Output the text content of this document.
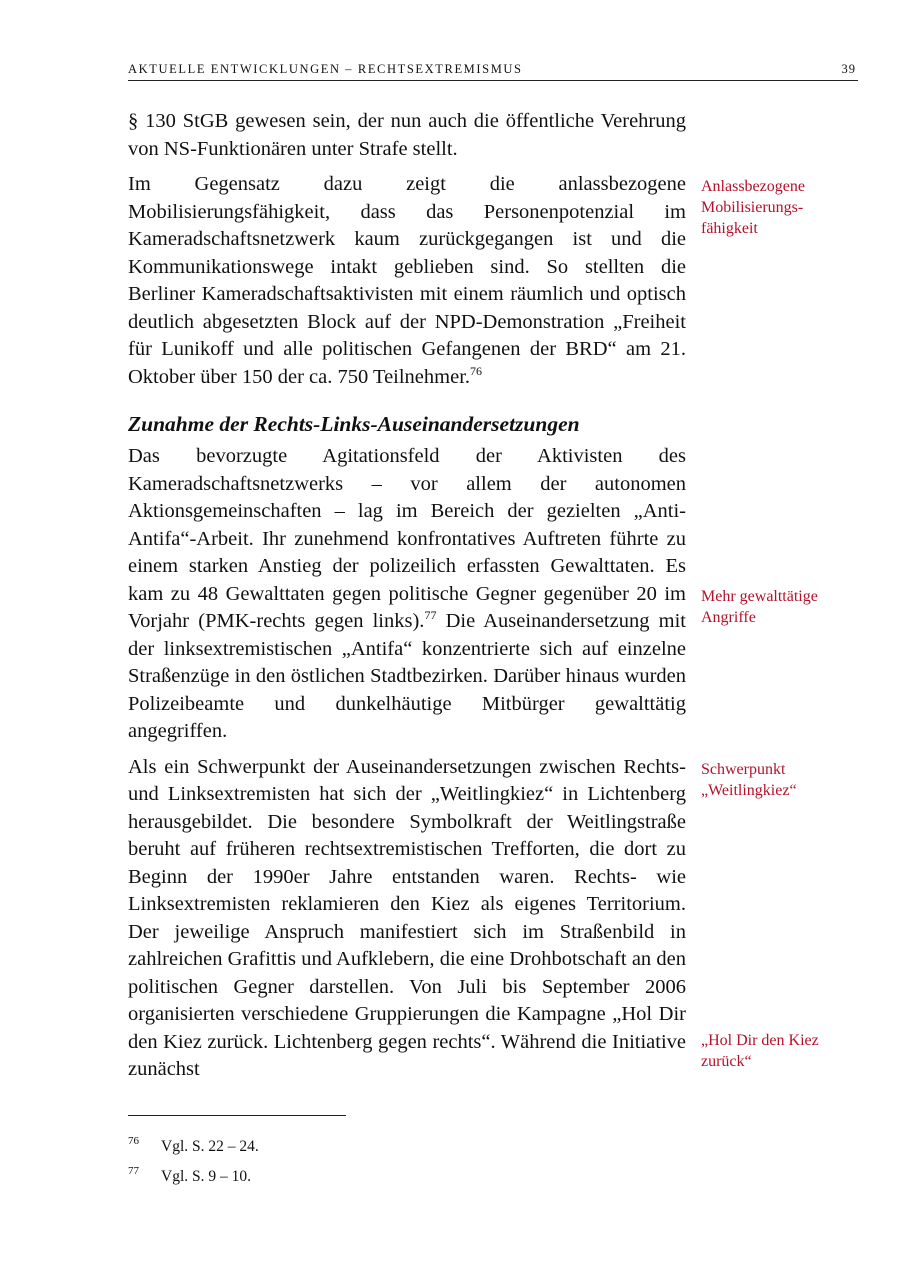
AKTUELLE ENTWICKLUNGEN – RECHTSEXTREMISMUS	39

§ 130 StGB gewesen sein, der nun auch die öffentliche Verehrung von NS-Funktionären unter Strafe stellt.

Im Gegensatz dazu zeigt die anlassbezogene Mobilisierungsfähigkeit, dass das Personenpotenzial im Kameradschaftsnetzwerk kaum zurückgegangen ist und die Kommunikationswege intakt geblieben sind. So stellten die Berliner Kameradschaftsaktivisten mit einem räumlich und optisch deutlich abgesetzten Block auf der NPD-Demonstration „Freiheit für Lunikoff und alle politischen Gefangenen der BRD“ am 21. Oktober über 150 der ca. 750 Teilnehmer.$^{76}$

Zunahme der Rechts-Links-Auseinandersetzungen

Das bevorzugte Agitationsfeld der Aktivisten des Kameradschaftsnetzwerks – vor allem der autonomen Aktionsgemeinschaften – lag im Bereich der gezielten „Anti-Antifa“-Arbeit. Ihr zunehmend konfrontatives Auftreten führte zu einem starken Anstieg der polizeilich erfassten Gewalttaten. Es kam zu 48 Gewalttaten gegen politische Gegner gegenüber 20 im Vorjahr (PMK-rechts gegen links).$^{77}$ Die Auseinandersetzung mit der linksextremistischen „Antifa“ konzentrierte sich auf einzelne Straßenzüge in den östlichen Stadtbezirken. Darüber hinaus wurden Polizeibeamte und dunkelhäutige Mitbürger gewalttätig angegriffen.

Als ein Schwerpunkt der Auseinandersetzungen zwischen Rechts- und Linksextremisten hat sich der „Weitlingkiez“ in Lichtenberg herausgebildet. Die besondere Symbolkraft der Weitlingstraße beruht auf früheren rechtsextremistischen Trefforten, die dort zu Beginn der 1990er Jahre entstanden waren. Rechts- wie Linksextremisten reklamieren den Kiez als eigenes Territorium. Der jeweilige Anspruch manifestiert sich im Straßenbild in zahlreichen Grafittis und Aufklebern, die eine Drohbotschaft an den politischen Gegner darstellen. Von Juli bis September 2006 organisierten verschiedene Gruppierungen die Kampagne „Hol Dir den Kiez zurück. Lichtenberg gegen rechts“. Während die Initiative zunächst

Anlassbezogene Mobilisierungs-fähigkeit
Mehr gewalttätige Angriffe
Schwerpunkt „Weitlingkiez“
„Hol Dir den Kiez zurück“
76 Vgl. S. 22 – 24.
77 Vgl. S. 9 – 10.
